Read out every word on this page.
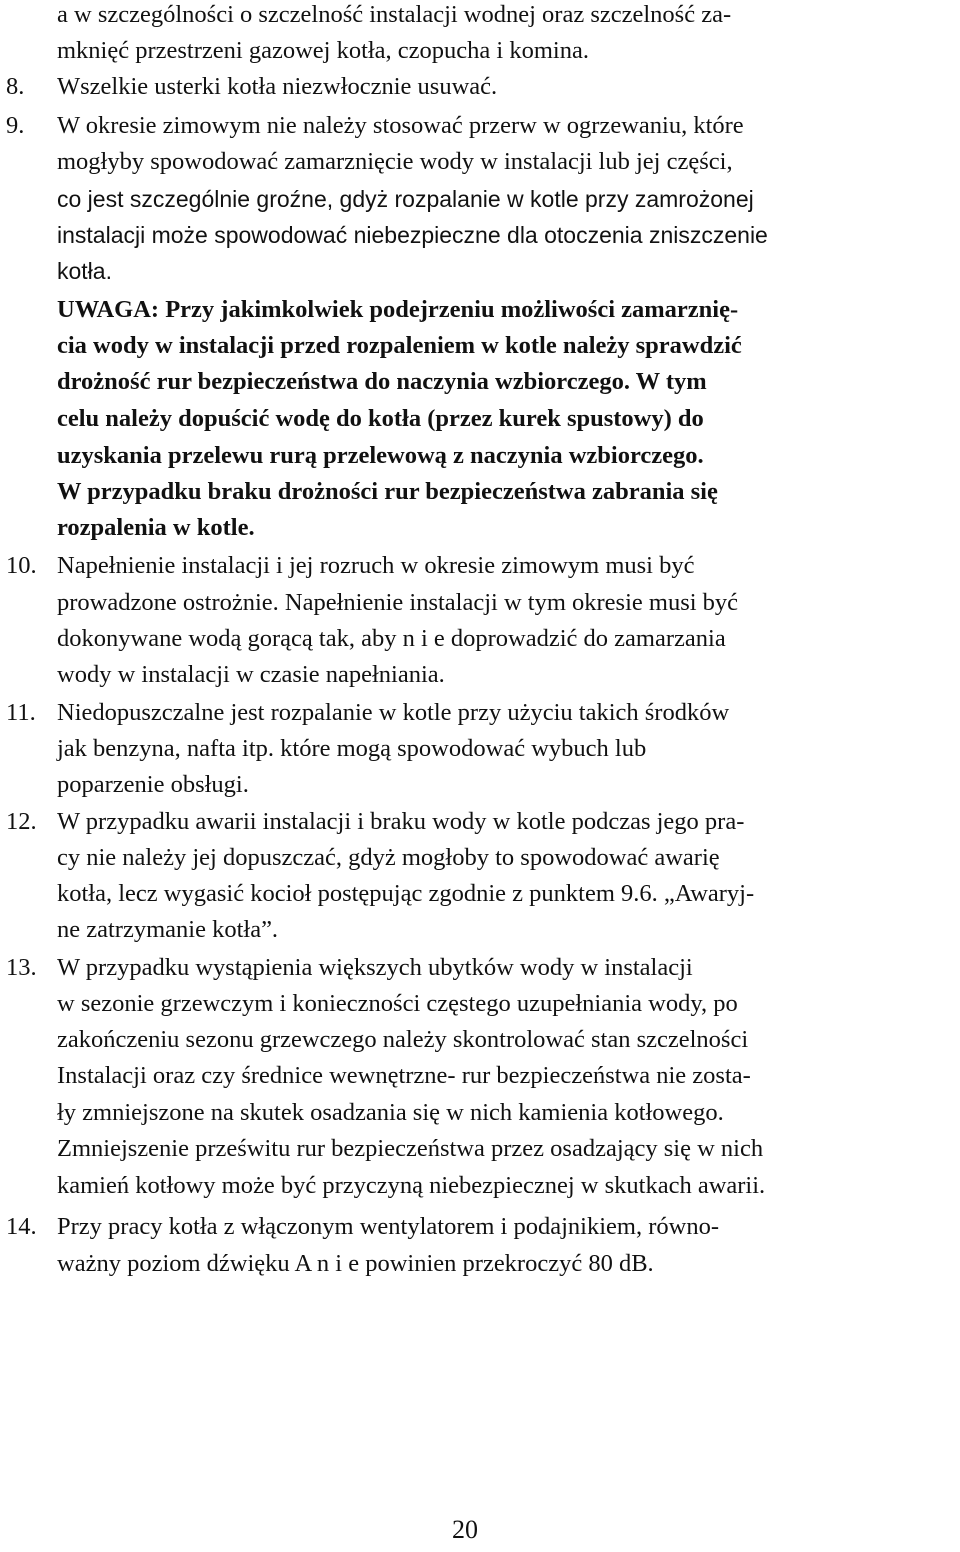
a w szczególności o szczelność instalacji wodnej oraz szczelność za-
mknięć przestrzeni gazowej kotła, czopucha i komina.
8. Wszelkie usterki kotła niezwłocznie usuwać.
9. W okresie zimowym nie należy stosować przerw w ogrzewaniu, które
mogłyby spowodować zamarznięcie wody w instalacji lub jej części,
co jest szczególnie groźne, gdyż rozpalanie w kotle przy zamrożonej
instalacji może spowodować niebezpieczne dla otoczenia zniszczenie
kotła.
UWAGA: Przy jakimkolwiek podejrzeniu możliwości zamarznię-
cia wody w instalacji przed rozpaleniem w kotle należy sprawdzić
drożność rur bezpieczeństwa do naczynia wzbiorczego. W tym
celu należy dopuścić wodę do kotła (przez kurek spustowy) do
uzyskania przelewu rurą przelewową z naczynia wzbiorczego.
W przypadku braku drożności rur bezpieczeństwa zabrania się
rozpalenia w kotle.
10. Napełnienie instalacji i jej rozruch w okresie zimowym musi być
prowadzone ostrożnie. Napełnienie instalacji w tym okresie musi być
dokonywane wodą gorącą tak, aby n i e doprowadzić do zamarzania
wody w instalacji w czasie napełniania.
11. Niedopuszczalne jest rozpalanie w kotle przy użyciu takich środków
jak benzyna, nafta itp. które mogą spowodować wybuch lub
poparzenie obsługi.
12. W przypadku awarii instalacji i braku wody w kotle podczas jego pra-
cy nie należy jej dopuszczać, gdyż mogłoby to spowodować awarię
kotła, lecz wygasić kocioł postępując zgodnie z punktem 9.6. „Awaryj-
ne zatrzymanie kotła”.
13. W przypadku wystąpienia większych ubytków wody w instalacji
w sezonie grzewczym i konieczności częstego uzupełniania wody, po
zakończeniu sezonu grzewczego należy skontrolować stan szczelności
Instalacji oraz czy średnice wewnętrzne- rur bezpieczeństwa nie zosta-
ły zmniejszone na skutek osadzania się w nich kamienia kotłowego.
Zmniejszenie prześwitu rur bezpieczeństwa przez osadzający się w nich
kamień kotłowy może być przyczyną niebezpiecznej w skutkach awarii.
14. Przy pracy kotła z włączonym wentylatorem i podajnikiem, równo-
ważny poziom dźwięku A n i e powinien przekroczyć 80 dB.
20
